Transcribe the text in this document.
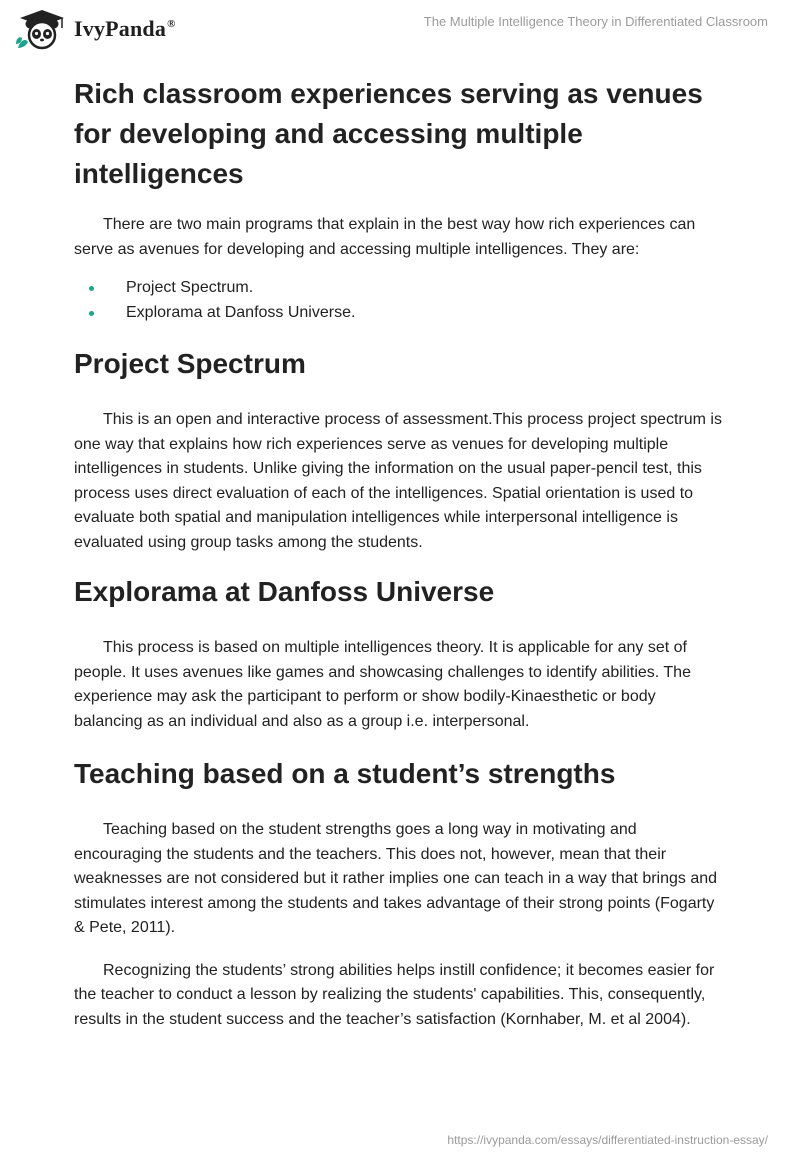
IvyPanda®	The Multiple Intelligence Theory in Differentiated Classroom
Rich classroom experiences serving as venues for developing and accessing multiple intelligences

There are two main programs that explain in the best way how rich experiences can serve as avenues for developing and accessing multiple intelligences. They are:

Project Spectrum.
Explorama at Danfoss Universe.
Project Spectrum

This is an open and interactive process of assessment.This process project spectrum is one way that explains how rich experiences serve as venues for developing multiple intelligences in students. Unlike giving the information on the usual paper-pencil test, this process uses direct evaluation of each of the intelligences. Spatial orientation is used to evaluate both spatial and manipulation intelligences while interpersonal intelligence is evaluated using group tasks among the students.

Explorama at Danfoss Universe

This process is based on multiple intelligences theory. It is applicable for any set of people. It uses avenues like games and showcasing challenges to identify abilities. The experience may ask the participant to perform or show bodily-Kinaesthetic or body balancing as an individual and also as a group i.e. interpersonal.

Teaching based on a student’s strengths

Teaching based on the student strengths goes a long way in motivating and encouraging the students and the teachers. This does not, however, mean that their weaknesses are not considered but it rather implies one can teach in a way that brings and stimulates interest among the students and takes advantage of their strong points (Fogarty & Pete, 2011).

Recognizing the students’ strong abilities helps instill confidence; it becomes easier for the teacher to conduct a lesson by realizing the students' capabilities. This, consequently, results in the student success and the teacher’s satisfaction (Kornhaber, M. et al 2004).

https://ivypanda.com/essays/differentiated-instruction-essay/
